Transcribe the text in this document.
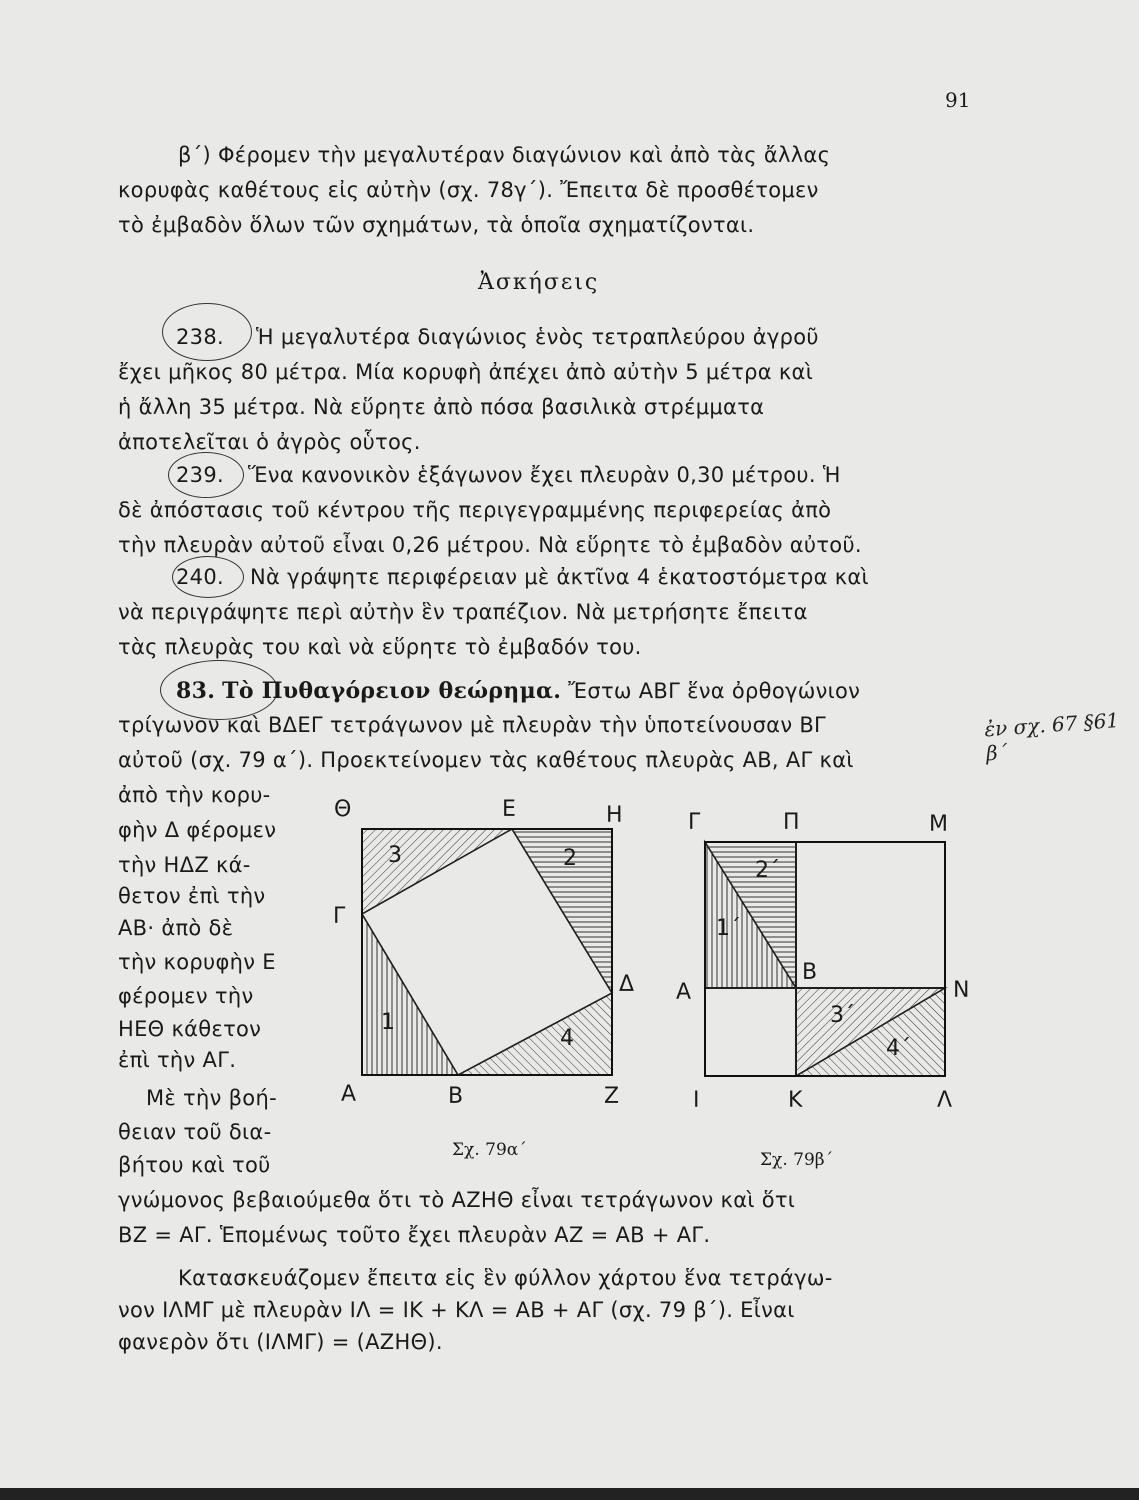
91
β΄) Φέρομεν τὴν μεγαλυτέραν διαγώνιον καὶ ἀπὸ τὰς ἄλλας
κορυφὰς καθέτους εἰς αὐτὴν (σχ. 78γ΄). Ἔπειτα δὲ προσθέτομεν
τὸ ἐμβαδὸν ὅλων τῶν σχημάτων, τὰ ὁποῖα σχηματίζονται.
Ἀσκήσεις
238. Ἡ μεγαλυτέρα διαγώνιος ἑνὸς τετραπλεύρου ἀγροῦ
ἔχει μῆκος 80 μέτρα. Μία κορυφὴ ἀπέχει ἀπὸ αὐτὴν 5 μέτρα καὶ
ἡ ἄλλη 35 μέτρα. Νὰ εὕρητε ἀπὸ πόσα βασιλικὰ στρέμματα
ἀποτελεῖται ὁ ἀγρὸς οὗτος.
239. Ἕνα κανονικὸν ἑξάγωνον ἔχει πλευρὰν 0,30 μέτρου. Ἡ
δὲ ἀπόστασις τοῦ κέντρου τῆς περιγεγραμμένης περιφερείας ἀπὸ
τὴν πλευρὰν αὐτοῦ εἶναι 0,26 μέτρου. Νὰ εὕρητε τὸ ἐμβαδὸν αὐτοῦ.
240. Νὰ γράψητε περιφέρειαν μὲ ἀκτῖνα 4 ἑκατοστόμετρα καὶ
νὰ περιγράψητε περὶ αὐτὴν ἓν τραπέζιον. Νὰ μετρήσητε ἔπειτα
τὰς πλευρὰς του καὶ νὰ εὕρητε τὸ ἐμβαδόν του.
83. Τὸ Πυθαγόρειον θεώρημα. Ἔστω ΑΒΓ ἕνα ὀρθογώνιον
τρίγωνον καὶ ΒΔΕΓ τετράγωνον μὲ πλευρὰν τὴν ὑποτείνουσαν ΒΓ
αὐτοῦ (σχ. 79 α΄). Προεκτείνομεν τὰς καθέτους πλευρὰς ΑΒ, ΑΓ καὶ
ἐν σχ. 67 §61 β΄
ἀπὸ τὴν κορυ-
φὴν Δ φέρομεν
τὴν ΗΔΖ κά-
θετον ἐπὶ τὴν
ΑΒ· ἀπὸ δὲ
τὴν κορυφὴν Ε
φέρομεν τὴν
ΗΕΘ κάθετον
ἐπὶ τὴν ΑΓ.
Μὲ τὴν βοή-
θειαν τοῦ δια-
βήτου καὶ τοῦ
γνώμονος βεβαιούμεθα ὅτι τὸ ΑΖΗΘ εἶναι τετράγωνον καὶ ὅτι
ΒΖ = ΑΓ. Ἑπομένως τοῦτο ἔχει πλευρὰν ΑΖ = ΑΒ + ΑΓ.
Κατασκευάζομεν ἔπειτα εἰς ἓν φύλλον χάρτου ἕνα τετράγω-
νον ΙΛΜΓ μὲ πλευρὰν ΙΛ = ΙΚ + ΚΛ = ΑΒ + ΑΓ (σχ. 79 β΄). Εἶναι
φανερὸν ὅτι (ΙΛΜΓ) = (ΑΖΗΘ).
Θ	Ε	Η
Γ
Δ
Α	Β	Ζ
1
2
3
4
Σχ. 79α΄
Γ	Π	Μ
Β
Α	Ν
Ι	Κ	Λ
1΄
2΄
3΄
4΄
Σχ. 79β΄
